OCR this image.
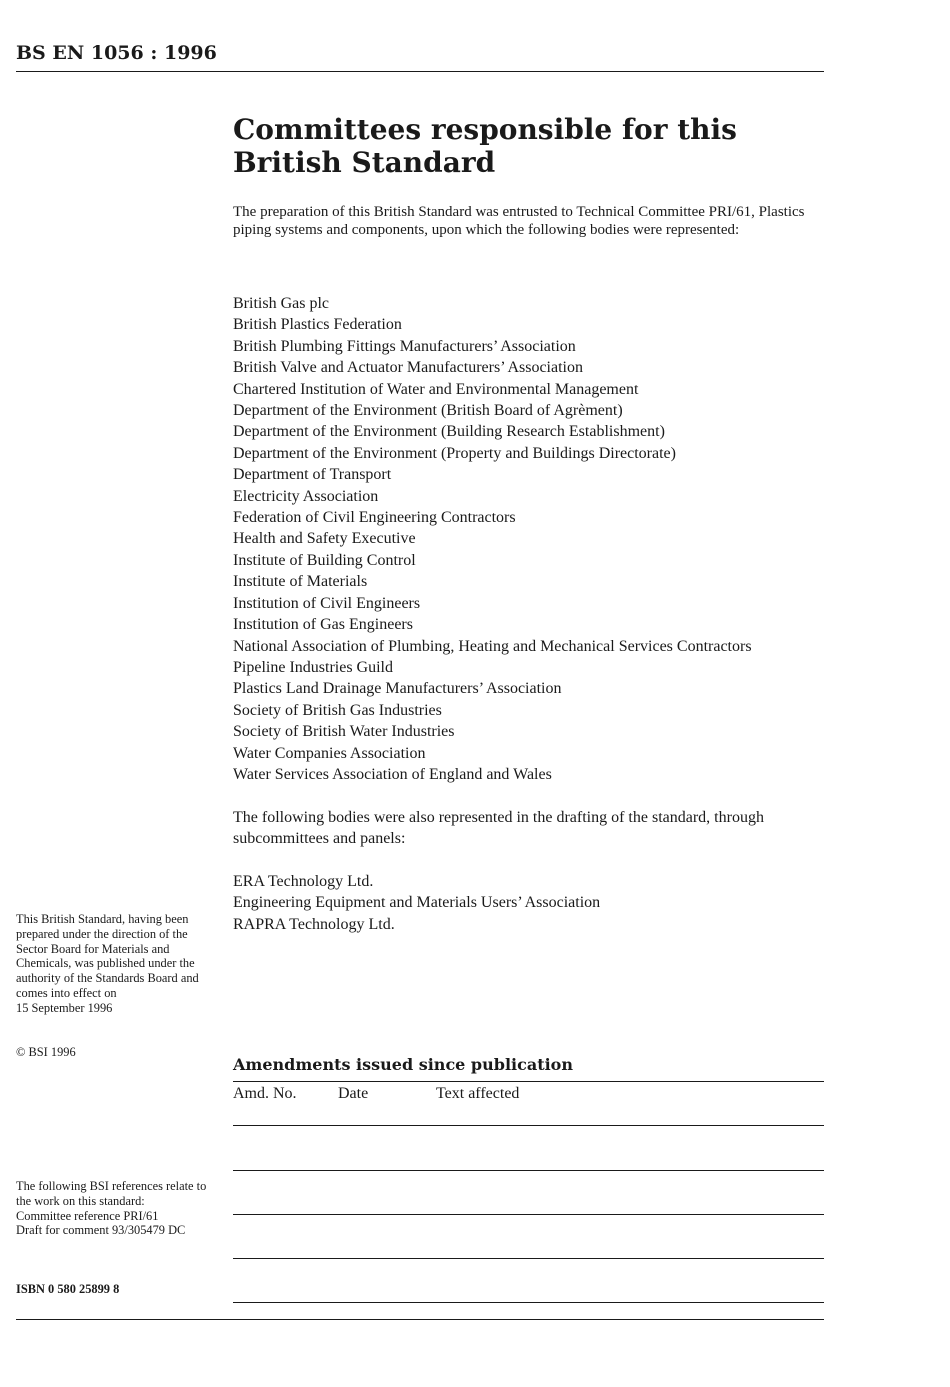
BS EN 1056 : 1996
Committees responsible for this
British Standard
The preparation of this British Standard was entrusted to Technical Committee PRI/61, Plastics piping systems and components, upon which the following bodies were represented:
British Gas plc
British Plastics Federation
British Plumbing Fittings Manufacturers’ Association
British Valve and Actuator Manufacturers’ Association
Chartered Institution of Water and Environmental Management
Department of the Environment (British Board of Agrèment)
Department of the Environment (Building Research Establishment)
Department of the Environment (Property and Buildings Directorate)
Department of Transport
Electricity Association
Federation of Civil Engineering Contractors
Health and Safety Executive
Institute of Building Control
Institute of Materials
Institution of Civil Engineers
Institution of Gas Engineers
National Association of Plumbing, Heating and Mechanical Services Contractors
Pipeline Industries Guild
Plastics Land Drainage Manufacturers’ Association
Society of British Gas Industries
Society of British Water Industries
Water Companies Association
Water Services Association of England and Wales
The following bodies were also represented in the drafting of the standard, through subcommittees and panels:
ERA Technology Ltd.
Engineering Equipment and Materials Users’ Association
RAPRA Technology Ltd.
This British Standard, having been prepared under the direction of the Sector Board for Materials and Chemicals, was published under the authority of the Standards Board and comes into effect on
15 September 1996
© BSI 1996
The following BSI references relate to the work on this standard:
Committee reference PRI/61
Draft for comment 93/305479 DC
ISBN 0 580 25899 8
Amendments issued since publication
Amd. No.	Date	Text affected
